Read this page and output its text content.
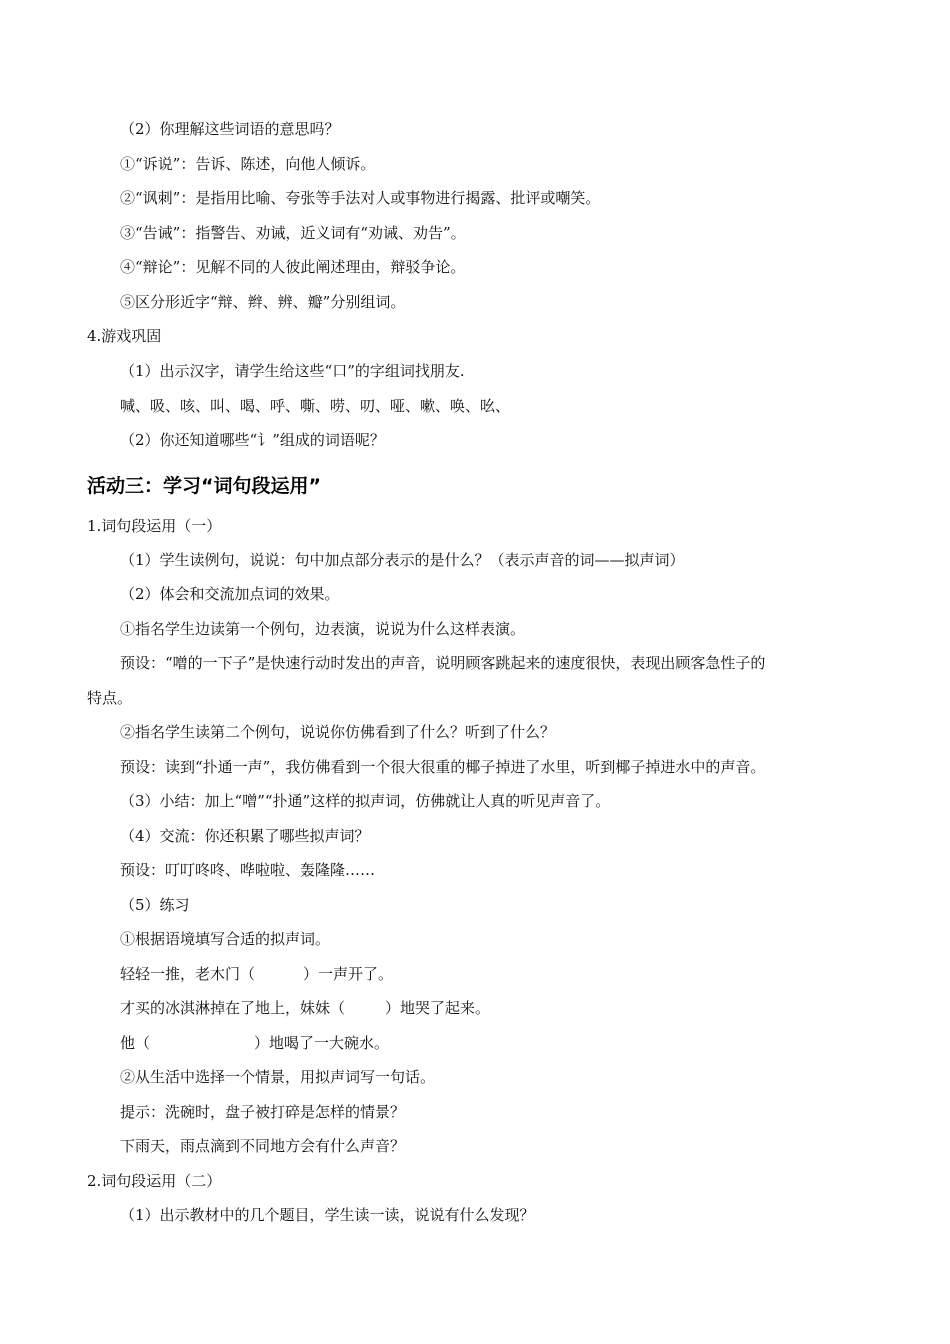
（2）你理解这些词语的意思吗？
①“诉说”：告诉、陈述，向他人倾诉。
②“讽刺”：是指用比喻、夸张等手法对人或事物进行揭露、批评或嘲笑。
③“告诫”：指警告、劝诫，近义词有“劝诫、劝告”。
④“辩论”：见解不同的人彼此阐述理由，辩驳争论。
⑤区分形近字“辩、辫、辨、瓣”分别组词。
4.游戏巩固
（1）出示汉字，请学生给这些“口”的字组词找朋友.
喊、吸、咳、叫、喝、呼、嘶、唠、叨、哑、嗽、唤、吆、
（2）你还知道哪些“讠”组成的词语呢？
活动三：学习“词句段运用”
1.词句段运用（一）
（1）学生读例句，说说：句中加点部分表示的是什么？（表示声音的词——拟声词）
（2）体会和交流加点词的效果。
①指名学生边读第一个例句，边表演，说说为什么这样表演。
预设：“噌的一下子”是快速行动时发出的声音，说明顾客跳起来的速度很快，表现出顾客急性子的
特点。
②指名学生读第二个例句，说说你仿佛看到了什么？听到了什么？
预设：读到“扑通一声”，我仿佛看到一个很大很重的椰子掉进了水里，听到椰子掉进水中的声音。
（3）小结：加上“噌”“扑通”这样的拟声词，仿佛就让人真的听见声音了。
（4）交流：你还积累了哪些拟声词？
预设：叮叮咚咚、哗啦啦、轰隆隆……
（5）练习
①根据语境填写合适的拟声词。
轻轻一推，老木门（	）一声开了。
才买的冰淇淋掉在了地上，妹妹（	）地哭了起来。
他（	）地喝了一大碗水。
②从生活中选择一个情景，用拟声词写一句话。
提示：洗碗时，盘子被打碎是怎样的情景？
下雨天，雨点滴到不同地方会有什么声音？
2.词句段运用（二）
（1）出示教材中的几个题目，学生读一读，说说有什么发现？
